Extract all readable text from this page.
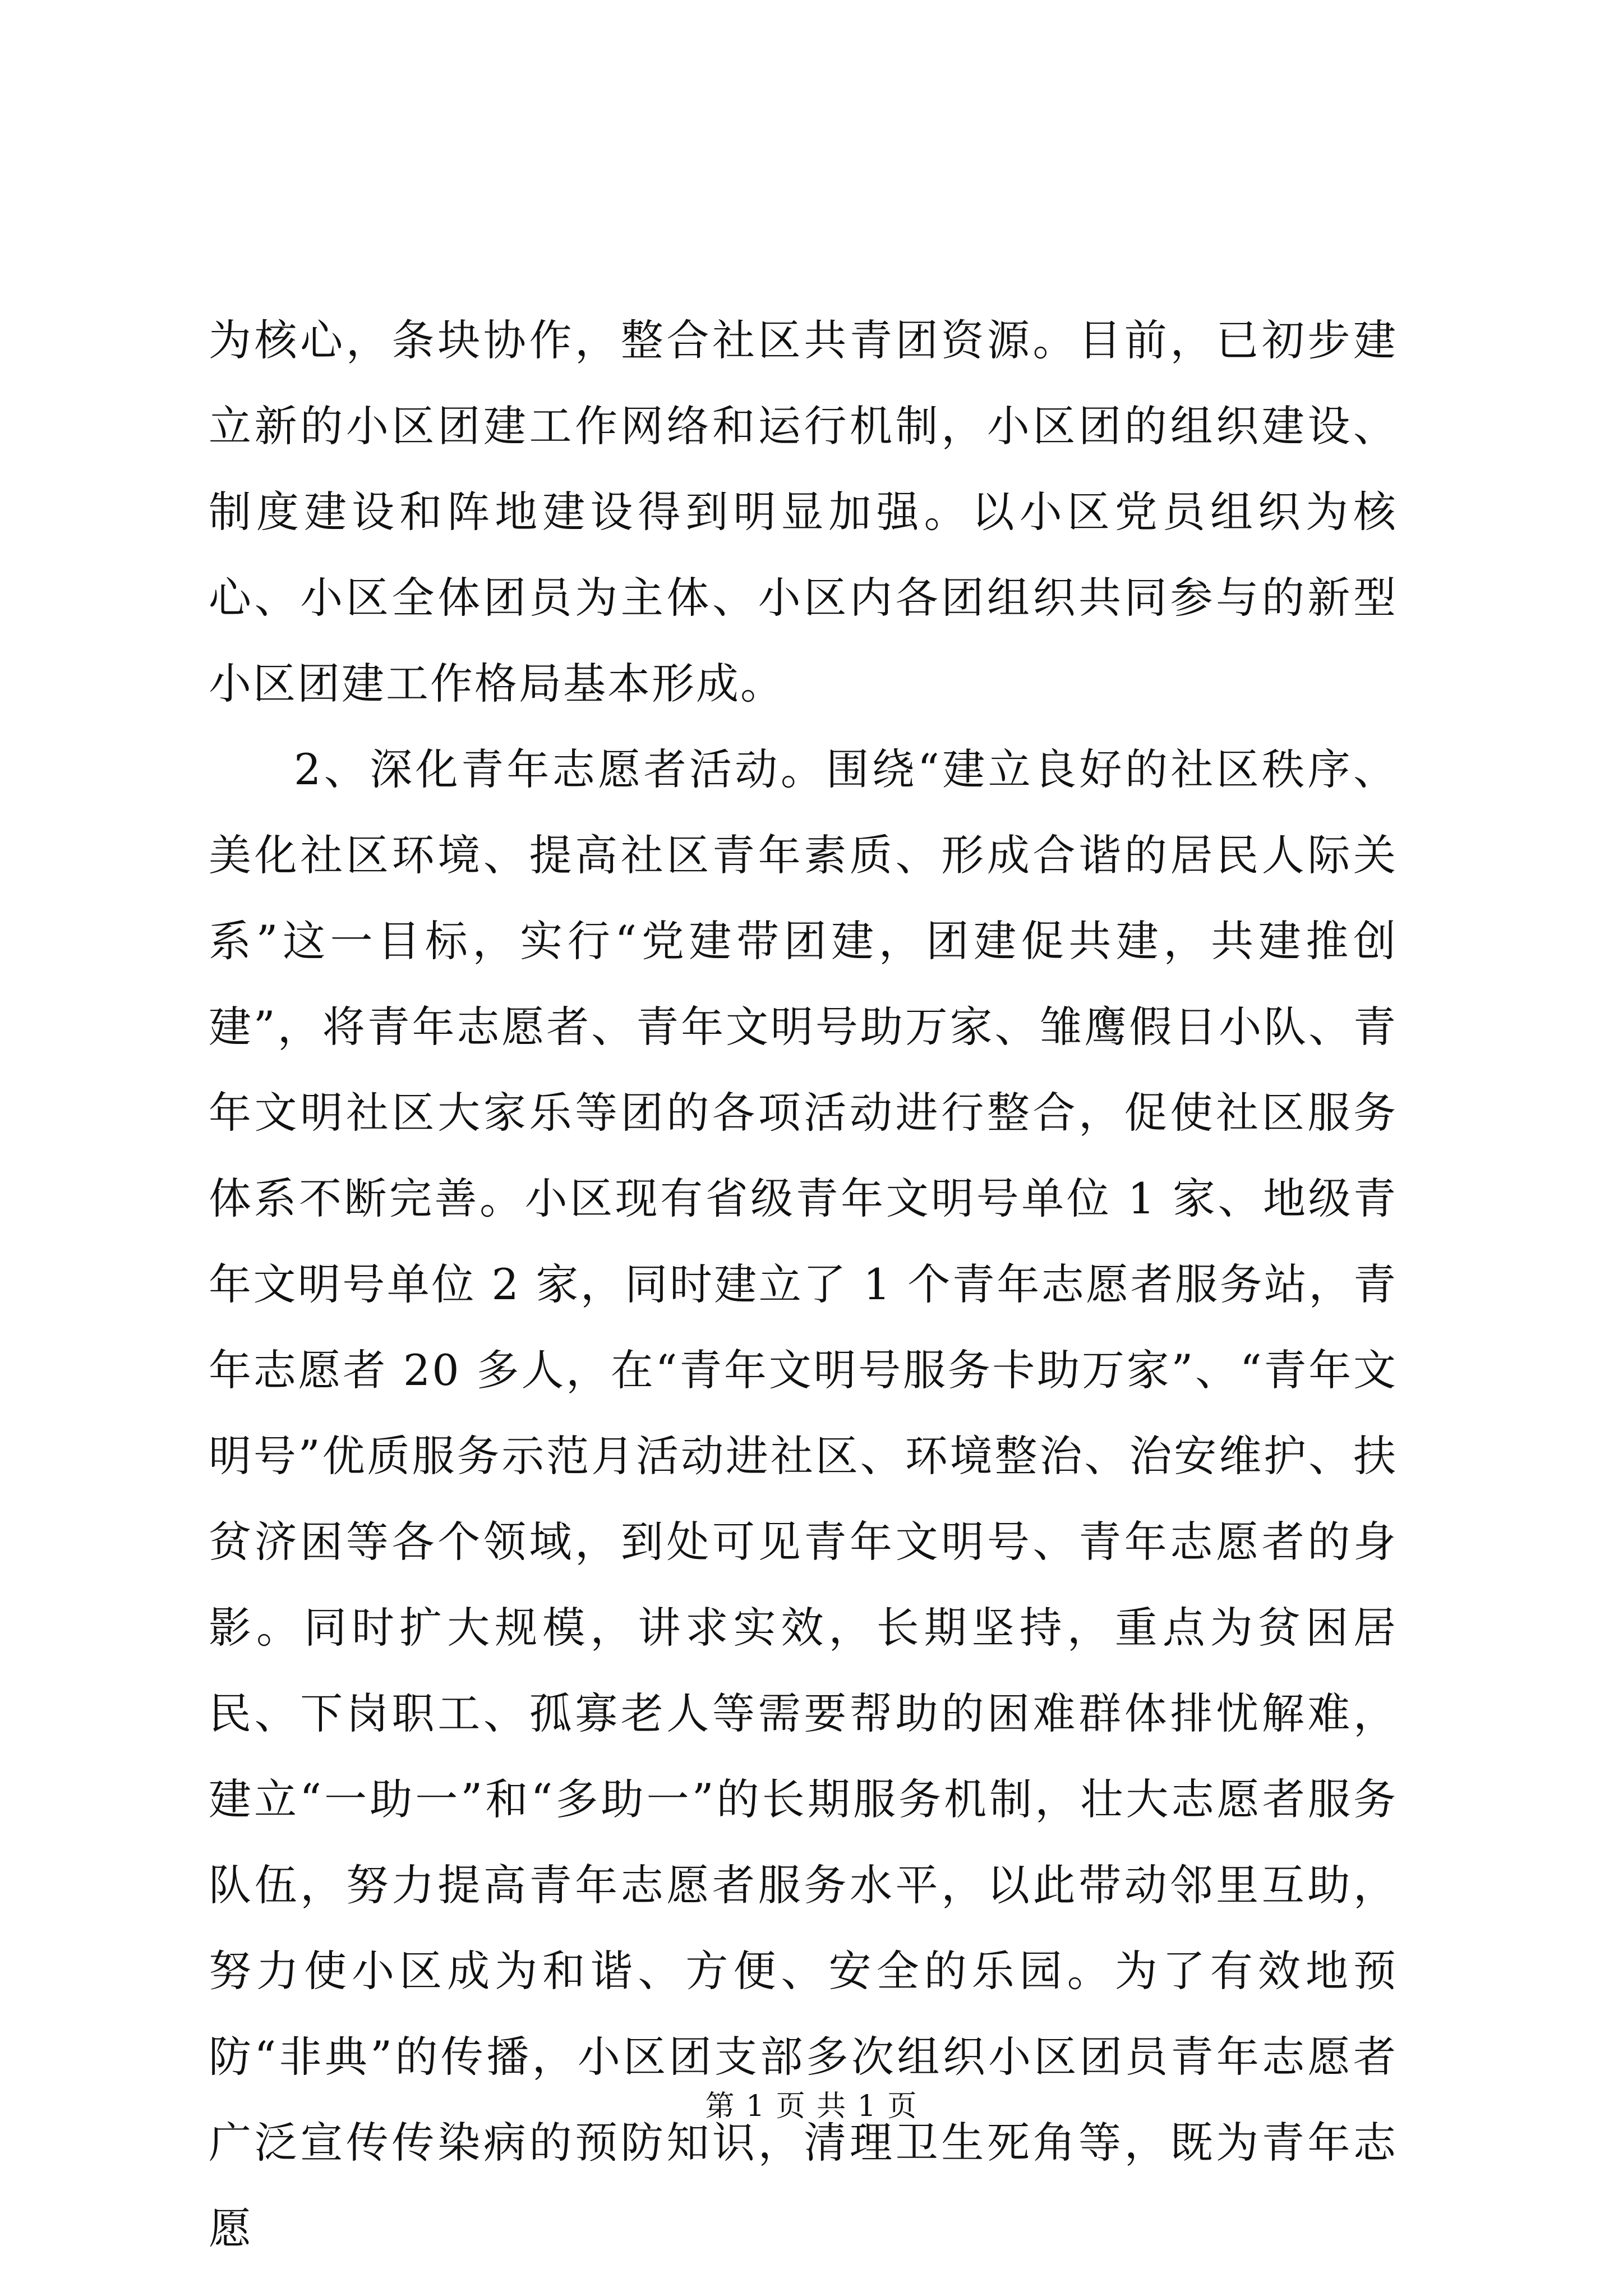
为核心，条块协作，整合社区共青团资源。目前，已初步建立新的小区团建工作网络和运行机制，小区团的组织建设、制度建设和阵地建设得到明显加强。以小区党员组织为核心、小区全体团员为主体、小区内各团组织共同参与的新型小区团建工作格局基本形成。

2、深化青年志愿者活动。围绕“建立良好的社区秩序、美化社区环境、提高社区青年素质、形成合谐的居民人际关系”这一目标，实行“党建带团建，团建促共建，共建推创建”，将青年志愿者、青年文明号助万家、雏鹰假日小队、青年文明社区大家乐等团的各项活动进行整合，促使社区服务体系不断完善。小区现有省级青年文明号单位 1 家、地级青年文明号单位 2 家，同时建立了 1 个青年志愿者服务站，青年志愿者 20 多人，在“青年文明号服务卡助万家”、“青年文明号”优质服务示范月活动进社区、环境整治、治安维护、扶贫济困等各个领域，到处可见青年文明号、青年志愿者的身影。同时扩大规模，讲求实效，长期坚持，重点为贫困居民、下岗职工、孤寡老人等需要帮助的困难群体排忧解难，建立“一助一”和“多助一”的长期服务机制，壮大志愿者服务队伍，努力提高青年志愿者服务水平，以此带动邻里互助，努力使小区成为和谐、方便、安全的乐园。为了有效地预防“非典”的传播，小区团支部多次组织小区团员青年志愿者广泛宣传传染病的预防知识，清理卫生死角等，既为青年志愿

第 1 页 共 1 页
